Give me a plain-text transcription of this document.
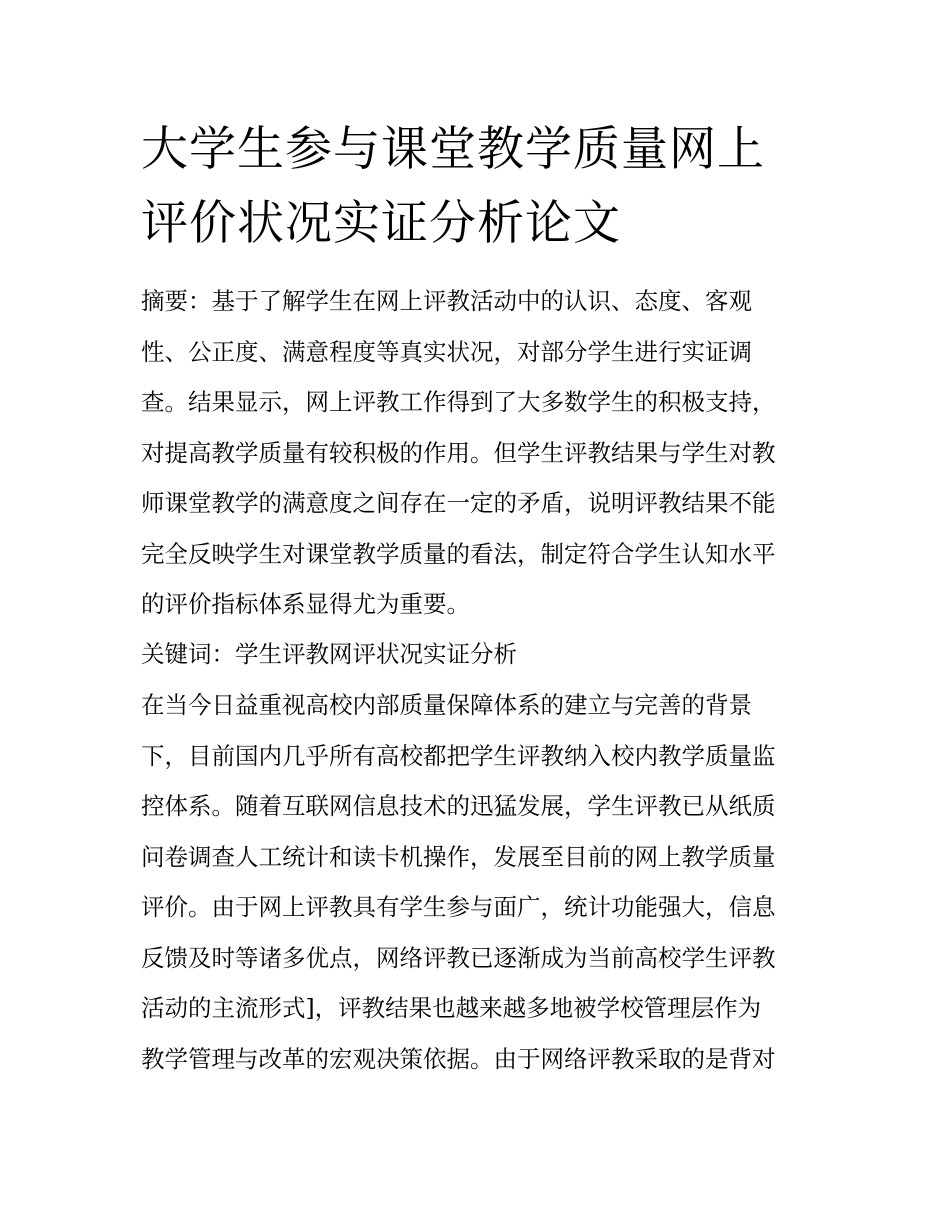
大学生参与课堂教学质量网上
评价状况实证分析论文

摘要：基于了解学生在网上评教活动中的认识、态度、客观
性、公正度、满意程度等真实状况，对部分学生进行实证调
查。结果显示，网上评教工作得到了大多数学生的积极支持，
对提高教学质量有较积极的作用。但学生评教结果与学生对教
师课堂教学的满意度之间存在一定的矛盾，说明评教结果不能
完全反映学生对课堂教学质量的看法，制定符合学生认知水平
的评价指标体系显得尤为重要。

关键词：学生评教网评状况实证分析

在当今日益重视高校内部质量保障体系的建立与完善的背景
下，目前国内几乎所有高校都把学生评教纳入校内教学质量监
控体系。随着互联网信息技术的迅猛发展，学生评教已从纸质
问卷调查人工统计和读卡机操作，发展至目前的网上教学质量
评价。由于网上评教具有学生参与面广，统计功能强大，信息
反馈及时等诸多优点，网络评教已逐渐成为当前高校学生评教
活动的主流形式]，评教结果也越来越多地被学校管理层作为
教学管理与改革的宏观决策依据。由于网络评教采取的是背对
